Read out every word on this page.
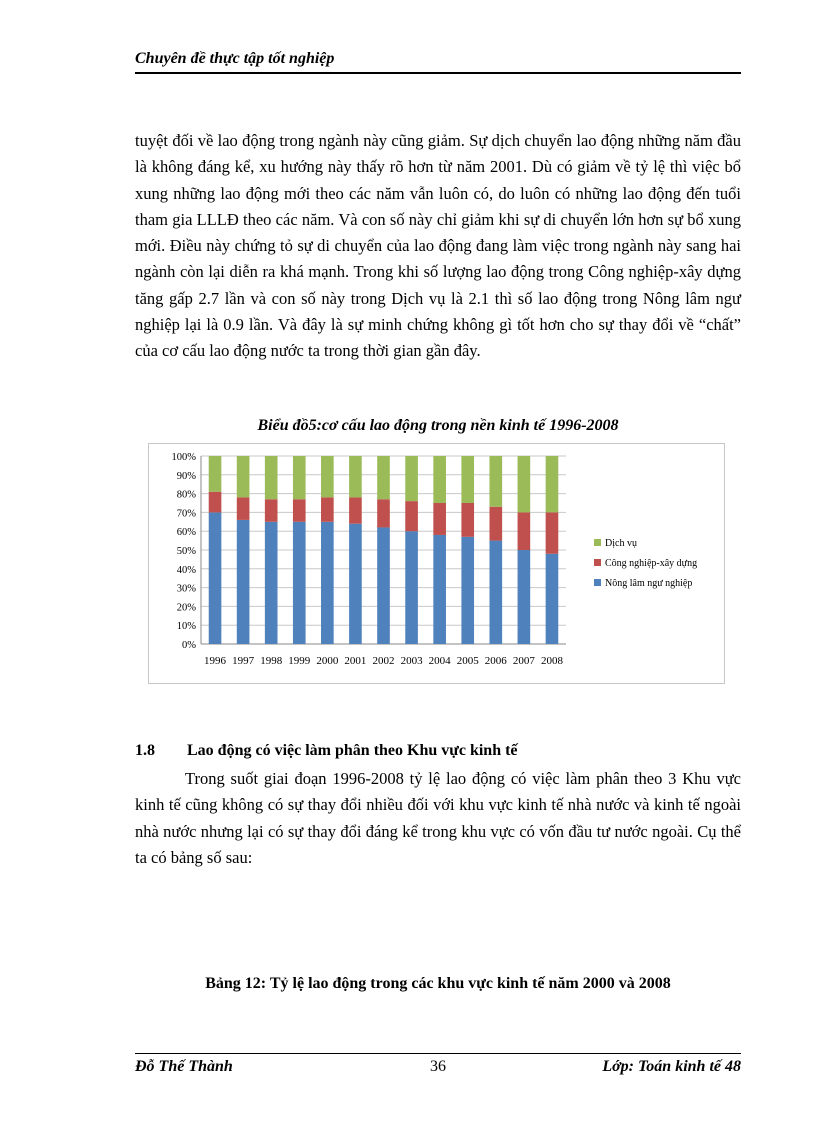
Chuyên đề thực tập tốt nghiệp
tuyệt đối về lao động trong ngành này cũng giảm. Sự dịch chuyển lao động những năm đầu là không đáng kể, xu hướng này thấy rõ hơn từ năm 2001. Dù có giảm về tỷ lệ thì việc bổ xung những lao động mới theo các năm vẫn luôn có, do luôn có những lao động đến tuổi tham gia LLLĐ theo các năm. Và con số này chỉ giảm khi sự di chuyển lớn hơn sự bổ xung mới. Điều này chứng tỏ sự di chuyển của lao động đang làm việc trong ngành này sang hai ngành còn lại diễn ra khá mạnh. Trong khi số lượng lao động trong Công nghiệp-xây dựng tăng gấp 2.7 lần và con số này trong Dịch vụ là 2.1 thì số lao động trong Nông lâm ngư nghiệp lại là 0.9 lần. Và đây là sự minh chứng không gì tốt hơn cho sự thay đổi về “chất” của cơ cấu lao động nước ta trong thời gian gần đây.
Biểu đồ5:cơ cấu lao động trong nền kinh tế 1996-2008
0%
10%
20%
30%
40%
50%
60%
70%
80%
90%
100%
1996 1997 1998 1999 2000 2001 2002 2003 2004 2005 2006 2007 2008
Dịch vụ
Công nghiệp-xây dựng
Nông lâm ngư nghiệp
1.8 Lao động có việc làm phân theo Khu vực kinh tế
Trong suốt giai đoạn 1996-2008 tỷ lệ lao động có việc làm phân theo 3 Khu vực kinh tế cũng không có sự thay đổi nhiều đối với khu vực kinh tế nhà nước và kinh tế ngoài nhà nước nhưng lại có sự thay đổi đáng kể trong khu vực có vốn đầu tư nước ngoài. Cụ thể ta có bảng số sau:
Bảng 12: Tỷ lệ lao động trong các khu vực kinh tế năm 2000 và 2008
Đỗ Thế Thành	36	Lớp: Toán kinh tế 48
